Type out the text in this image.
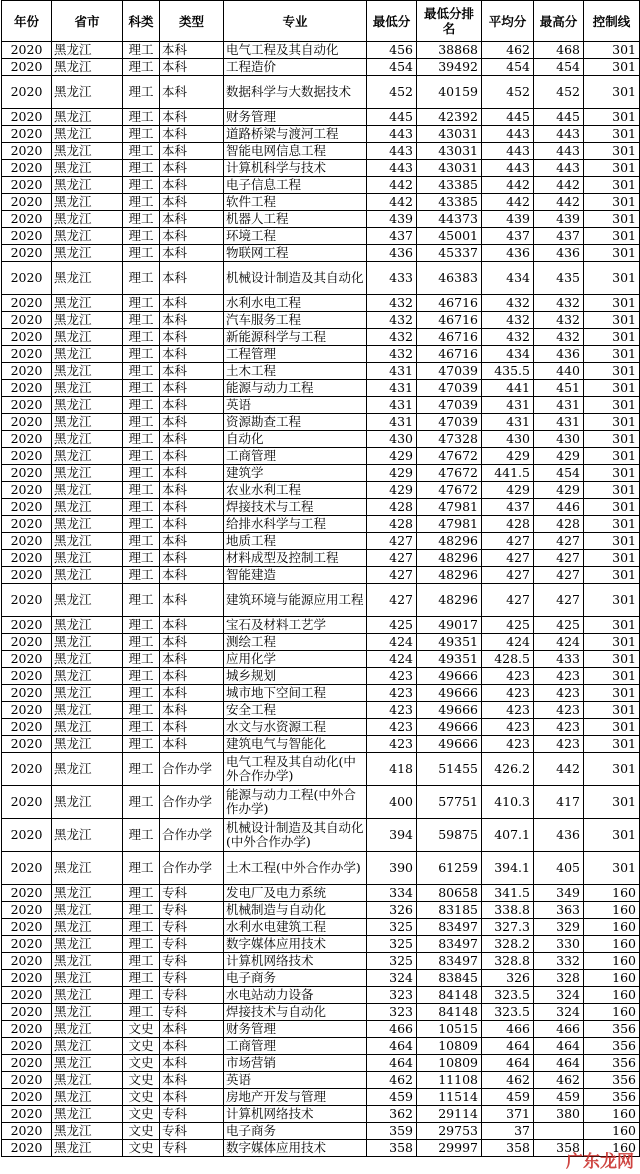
年份	省市	科类	类型	专业	最低分	最低分排名	平均分	最高分	控制线
2020	黑龙江	理工	本科	电气工程及其自动化	456	38868	462	468	301
2020	黑龙江	理工	本科	工程造价	454	39492	454	454	301
2020	黑龙江	理工	本科	数据科学与大数据技术	452	40159	452	452	301
2020	黑龙江	理工	本科	财务管理	445	42392	445	445	301
2020	黑龙江	理工	本科	道路桥梁与渡河工程	443	43031	443	443	301
2020	黑龙江	理工	本科	智能电网信息工程	443	43031	443	443	301
2020	黑龙江	理工	本科	计算机科学与技术	443	43031	443	443	301
2020	黑龙江	理工	本科	电子信息工程	442	43385	442	442	301
2020	黑龙江	理工	本科	软件工程	442	43385	442	442	301
2020	黑龙江	理工	本科	机器人工程	439	44373	439	439	301
2020	黑龙江	理工	本科	环境工程	437	45001	437	437	301
2020	黑龙江	理工	本科	物联网工程	436	45337	436	436	301
2020	黑龙江	理工	本科	机械设计制造及其自动化	433	46383	434	435	301
2020	黑龙江	理工	本科	水利水电工程	432	46716	432	432	301
2020	黑龙江	理工	本科	汽车服务工程	432	46716	432	432	301
2020	黑龙江	理工	本科	新能源科学与工程	432	46716	432	432	301
2020	黑龙江	理工	本科	工程管理	432	46716	434	436	301
2020	黑龙江	理工	本科	土木工程	431	47039	435.5	440	301
2020	黑龙江	理工	本科	能源与动力工程	431	47039	441	451	301
2020	黑龙江	理工	本科	英语	431	47039	431	431	301
2020	黑龙江	理工	本科	资源勘查工程	431	47039	431	431	301
2020	黑龙江	理工	本科	自动化	430	47328	430	430	301
2020	黑龙江	理工	本科	工商管理	429	47672	429	429	301
2020	黑龙江	理工	本科	建筑学	429	47672	441.5	454	301
2020	黑龙江	理工	本科	农业水利工程	429	47672	429	429	301
2020	黑龙江	理工	本科	焊接技术与工程	428	47981	437	446	301
2020	黑龙江	理工	本科	给排水科学与工程	428	47981	428	428	301
2020	黑龙江	理工	本科	地质工程	427	48296	427	427	301
2020	黑龙江	理工	本科	材料成型及控制工程	427	48296	427	427	301
2020	黑龙江	理工	本科	智能建造	427	48296	427	427	301
2020	黑龙江	理工	本科	建筑环境与能源应用工程	427	48296	427	427	301
2020	黑龙江	理工	本科	宝石及材料工艺学	425	49017	425	425	301
2020	黑龙江	理工	本科	测绘工程	424	49351	424	424	301
2020	黑龙江	理工	本科	应用化学	424	49351	428.5	433	301
2020	黑龙江	理工	本科	城乡规划	423	49666	423	423	301
2020	黑龙江	理工	本科	城市地下空间工程	423	49666	423	423	301
2020	黑龙江	理工	本科	安全工程	423	49666	423	423	301
2020	黑龙江	理工	本科	水文与水资源工程	423	49666	423	423	301
2020	黑龙江	理工	本科	建筑电气与智能化	423	49666	423	423	301
2020	黑龙江	理工	合作办学	电气工程及其自动化(中外合作办学)	418	51455	426.2	442	301
2020	黑龙江	理工	合作办学	能源与动力工程(中外合作办学)	400	57751	410.3	417	301
2020	黑龙江	理工	合作办学	机械设计制造及其自动化(中外合作办学)	394	59875	407.1	436	301
2020	黑龙江	理工	合作办学	土木工程(中外合作办学)	390	61259	394.1	405	301
2020	黑龙江	理工	专科	发电厂及电力系统	334	80658	341.5	349	160
2020	黑龙江	理工	专科	机械制造与自动化	326	83185	338.8	363	160
2020	黑龙江	理工	专科	水利水电建筑工程	325	83497	327.3	329	160
2020	黑龙江	理工	专科	数字媒体应用技术	325	83497	328.2	330	160
2020	黑龙江	理工	专科	计算机网络技术	325	83497	328.8	332	160
2020	黑龙江	理工	专科	电子商务	324	83845	326	328	160
2020	黑龙江	理工	专科	水电站动力设备	323	84148	323.5	324	160
2020	黑龙江	理工	专科	焊接技术与自动化	323	84148	323.5	324	160
2020	黑龙江	文史	本科	财务管理	466	10515	466	466	356
2020	黑龙江	文史	本科	工商管理	464	10809	464	464	356
2020	黑龙江	文史	本科	市场营销	464	10809	464	464	356
2020	黑龙江	文史	本科	英语	462	11108	462	462	356
2020	黑龙江	文史	本科	房地产开发与管理	459	11514	459	459	356
2020	黑龙江	文史	专科	计算机网络技术	362	29114	371	380	160
2020	黑龙江	文史	专科	电子商务	359	29753	37		160
2020	黑龙江	文史	专科	数字媒体应用技术	358	29997	358	358	160
广东龙网
